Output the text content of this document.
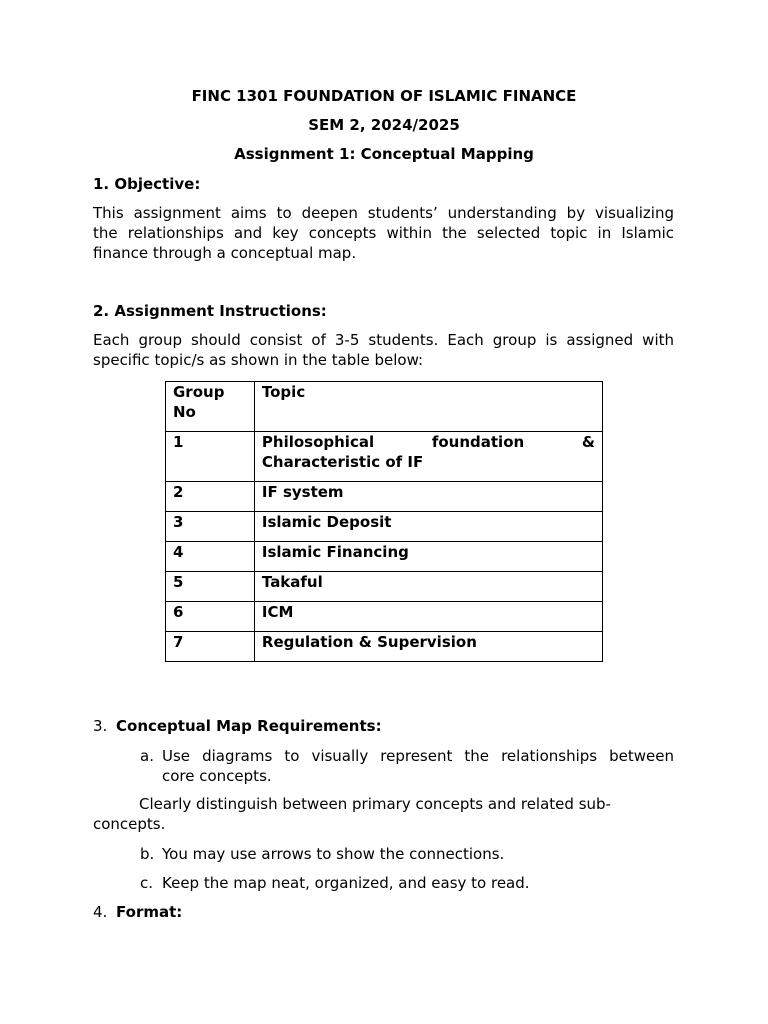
FINC 1301 FOUNDATION OF ISLAMIC FINANCE
SEM 2, 2024/2025
Assignment 1: Conceptual Mapping
1. Objective:
This assignment aims to deepen students’ understanding by visualizing
the relationships and key concepts within the selected topic in Islamic
finance through a conceptual map.
2. Assignment Instructions:
Each group should consist of 3-5 students. Each group is assigned with
specific topic/s as shown in the table below:
Group No	Topic
1	Philosophical foundation &
Characteristic of IF

2	IF system
3	Islamic Deposit
4	Islamic Financing
5	Takaful
6	ICM
7	Regulation & Supervision
3. Conceptual Map Requirements:
a. Use diagrams to visually represent the relationships between
core concepts.
Clearly distinguish between primary concepts and related sub-
concepts.
b. You may use arrows to show the connections.
c. Keep the map neat, organized, and easy to read.
4. Format:
